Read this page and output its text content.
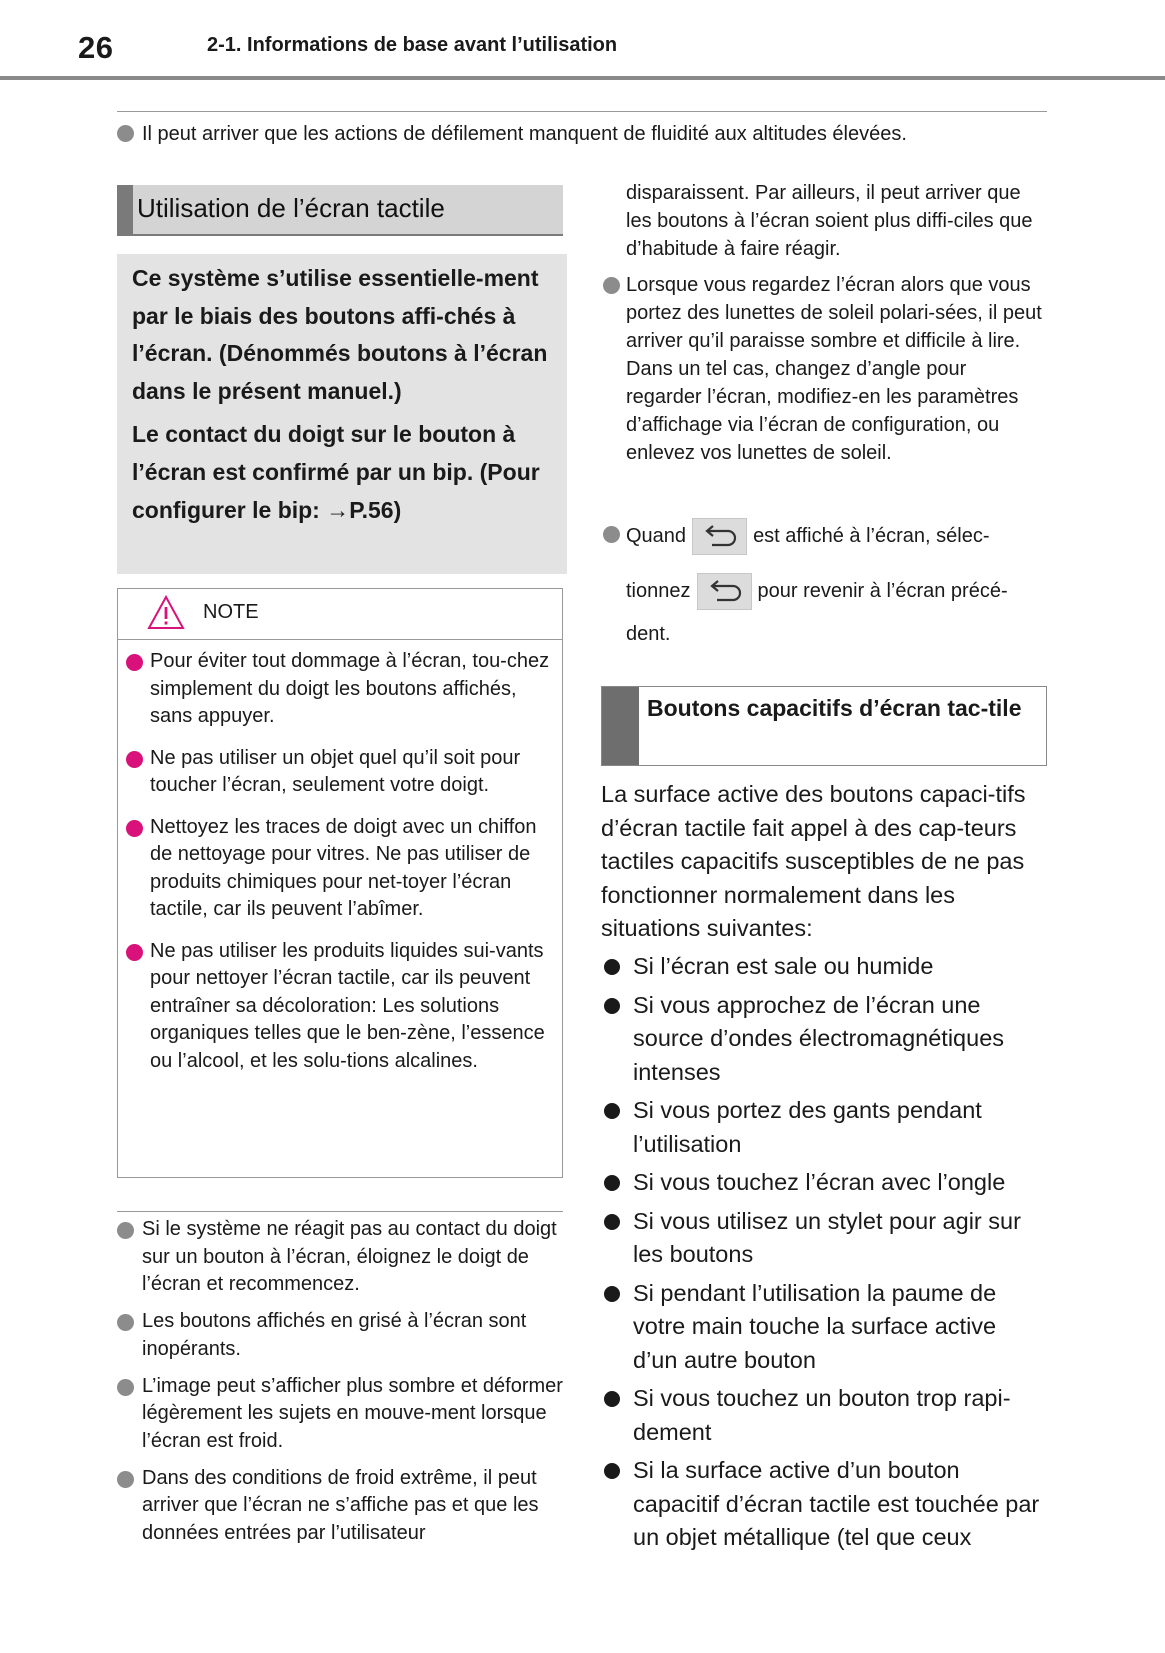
26	2-1. Informations de base avant l’utilisation
Il peut arriver que les actions de défilement manquent de fluidité aux altitudes élevées.
Utilisation de l’écran tactile

Ce système s’utilise essentielle-ment par le biais des boutons affi-chés à l’écran. (Dénommés boutons à l’écran dans le présent manuel.)

Le contact du doigt sur le bouton à l’écran est confirmé par un bip. (Pour configurer le bip: →P.56)

NOTE
Pour éviter tout dommage à l’écran, tou-chez simplement du doigt les boutons affichés, sans appuyer.
Ne pas utiliser un objet quel qu’il soit pour toucher l’écran, seulement votre doigt.
Nettoyez les traces de doigt avec un chiffon de nettoyage pour vitres. Ne pas utiliser de produits chimiques pour net-toyer l’écran tactile, car ils peuvent l’abîmer.
Ne pas utiliser les produits liquides sui-vants pour nettoyer l’écran tactile, car ils peuvent entraîner sa décoloration: Les solutions organiques telles que le ben-zène, l’essence ou l’alcool, et les solu-tions alcalines.
Si le système ne réagit pas au contact du doigt sur un bouton à l’écran, éloignez le doigt de l’écran et recommencez.
Les boutons affichés en grisé à l’écran sont inopérants.
L’image peut s’afficher plus sombre et déformer légèrement les sujets en mouve-ment lorsque l’écran est froid.
Dans des conditions de froid extrême, il peut arriver que l’écran ne s’affiche pas et que les données entrées par l’utilisateur
disparaissent. Par ailleurs, il peut arriver que les boutons à l’écran soient plus diffi-ciles que d’habitude à faire réagir.
Lorsque vous regardez l’écran alors que vous portez des lunettes de soleil polari-sées, il peut arriver qu’il paraisse sombre et difficile à lire. Dans un tel cas, changez d’angle pour regarder l’écran, modifiez-en les paramètres d’affichage via l’écran de configuration, ou enlevez vos lunettes de soleil.
Quand	est affiché à l’écran, sélec-
tionnez	pour revenir à l’écran précé-
dent.
Boutons capacitifs d’écran tac-tile

La surface active des boutons capaci-tifs d’écran tactile fait appel à des cap-teurs tactiles capacitifs susceptibles de ne pas fonctionner normalement dans les situations suivantes:

Si l’écran est sale ou humide
Si vous approchez de l’écran une source d’ondes électromagnétiques intenses
Si vous portez des gants pendant l’utilisation
Si vous touchez l’écran avec l’ongle
Si vous utilisez un stylet pour agir sur les boutons
Si pendant l’utilisation la paume de votre main touche la surface active d’un autre bouton
Si vous touchez un bouton trop rapi-dement
Si la surface active d’un bouton capacitif d’écran tactile est touchée par un objet métallique (tel que ceux
